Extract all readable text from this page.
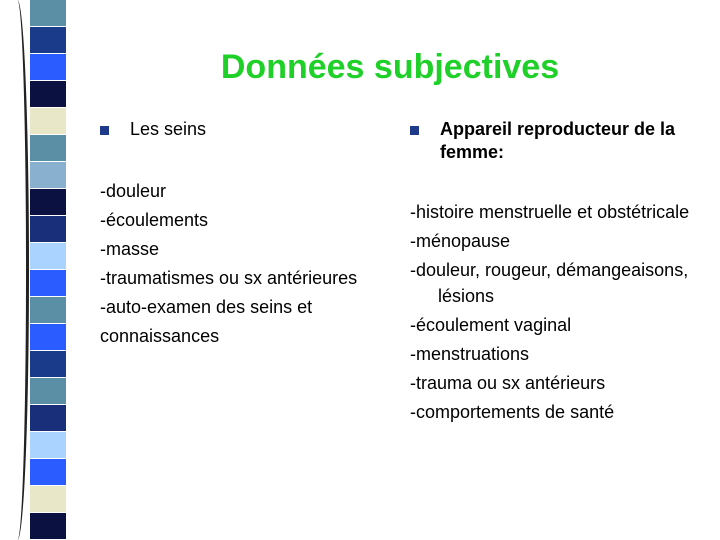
Données subjectives
Les seins
-douleur
-écoulements
-masse
-traumatismes ou sx antérieures
-auto-examen des seins et connaissances
Appareil reproducteur de la femme:
-histoire menstruelle et obstétricale
-ménopause
-douleur, rougeur, démangeaisons, lésions
-écoulement vaginal
-menstruations
-trauma ou sx antérieurs
-comportements de santé
